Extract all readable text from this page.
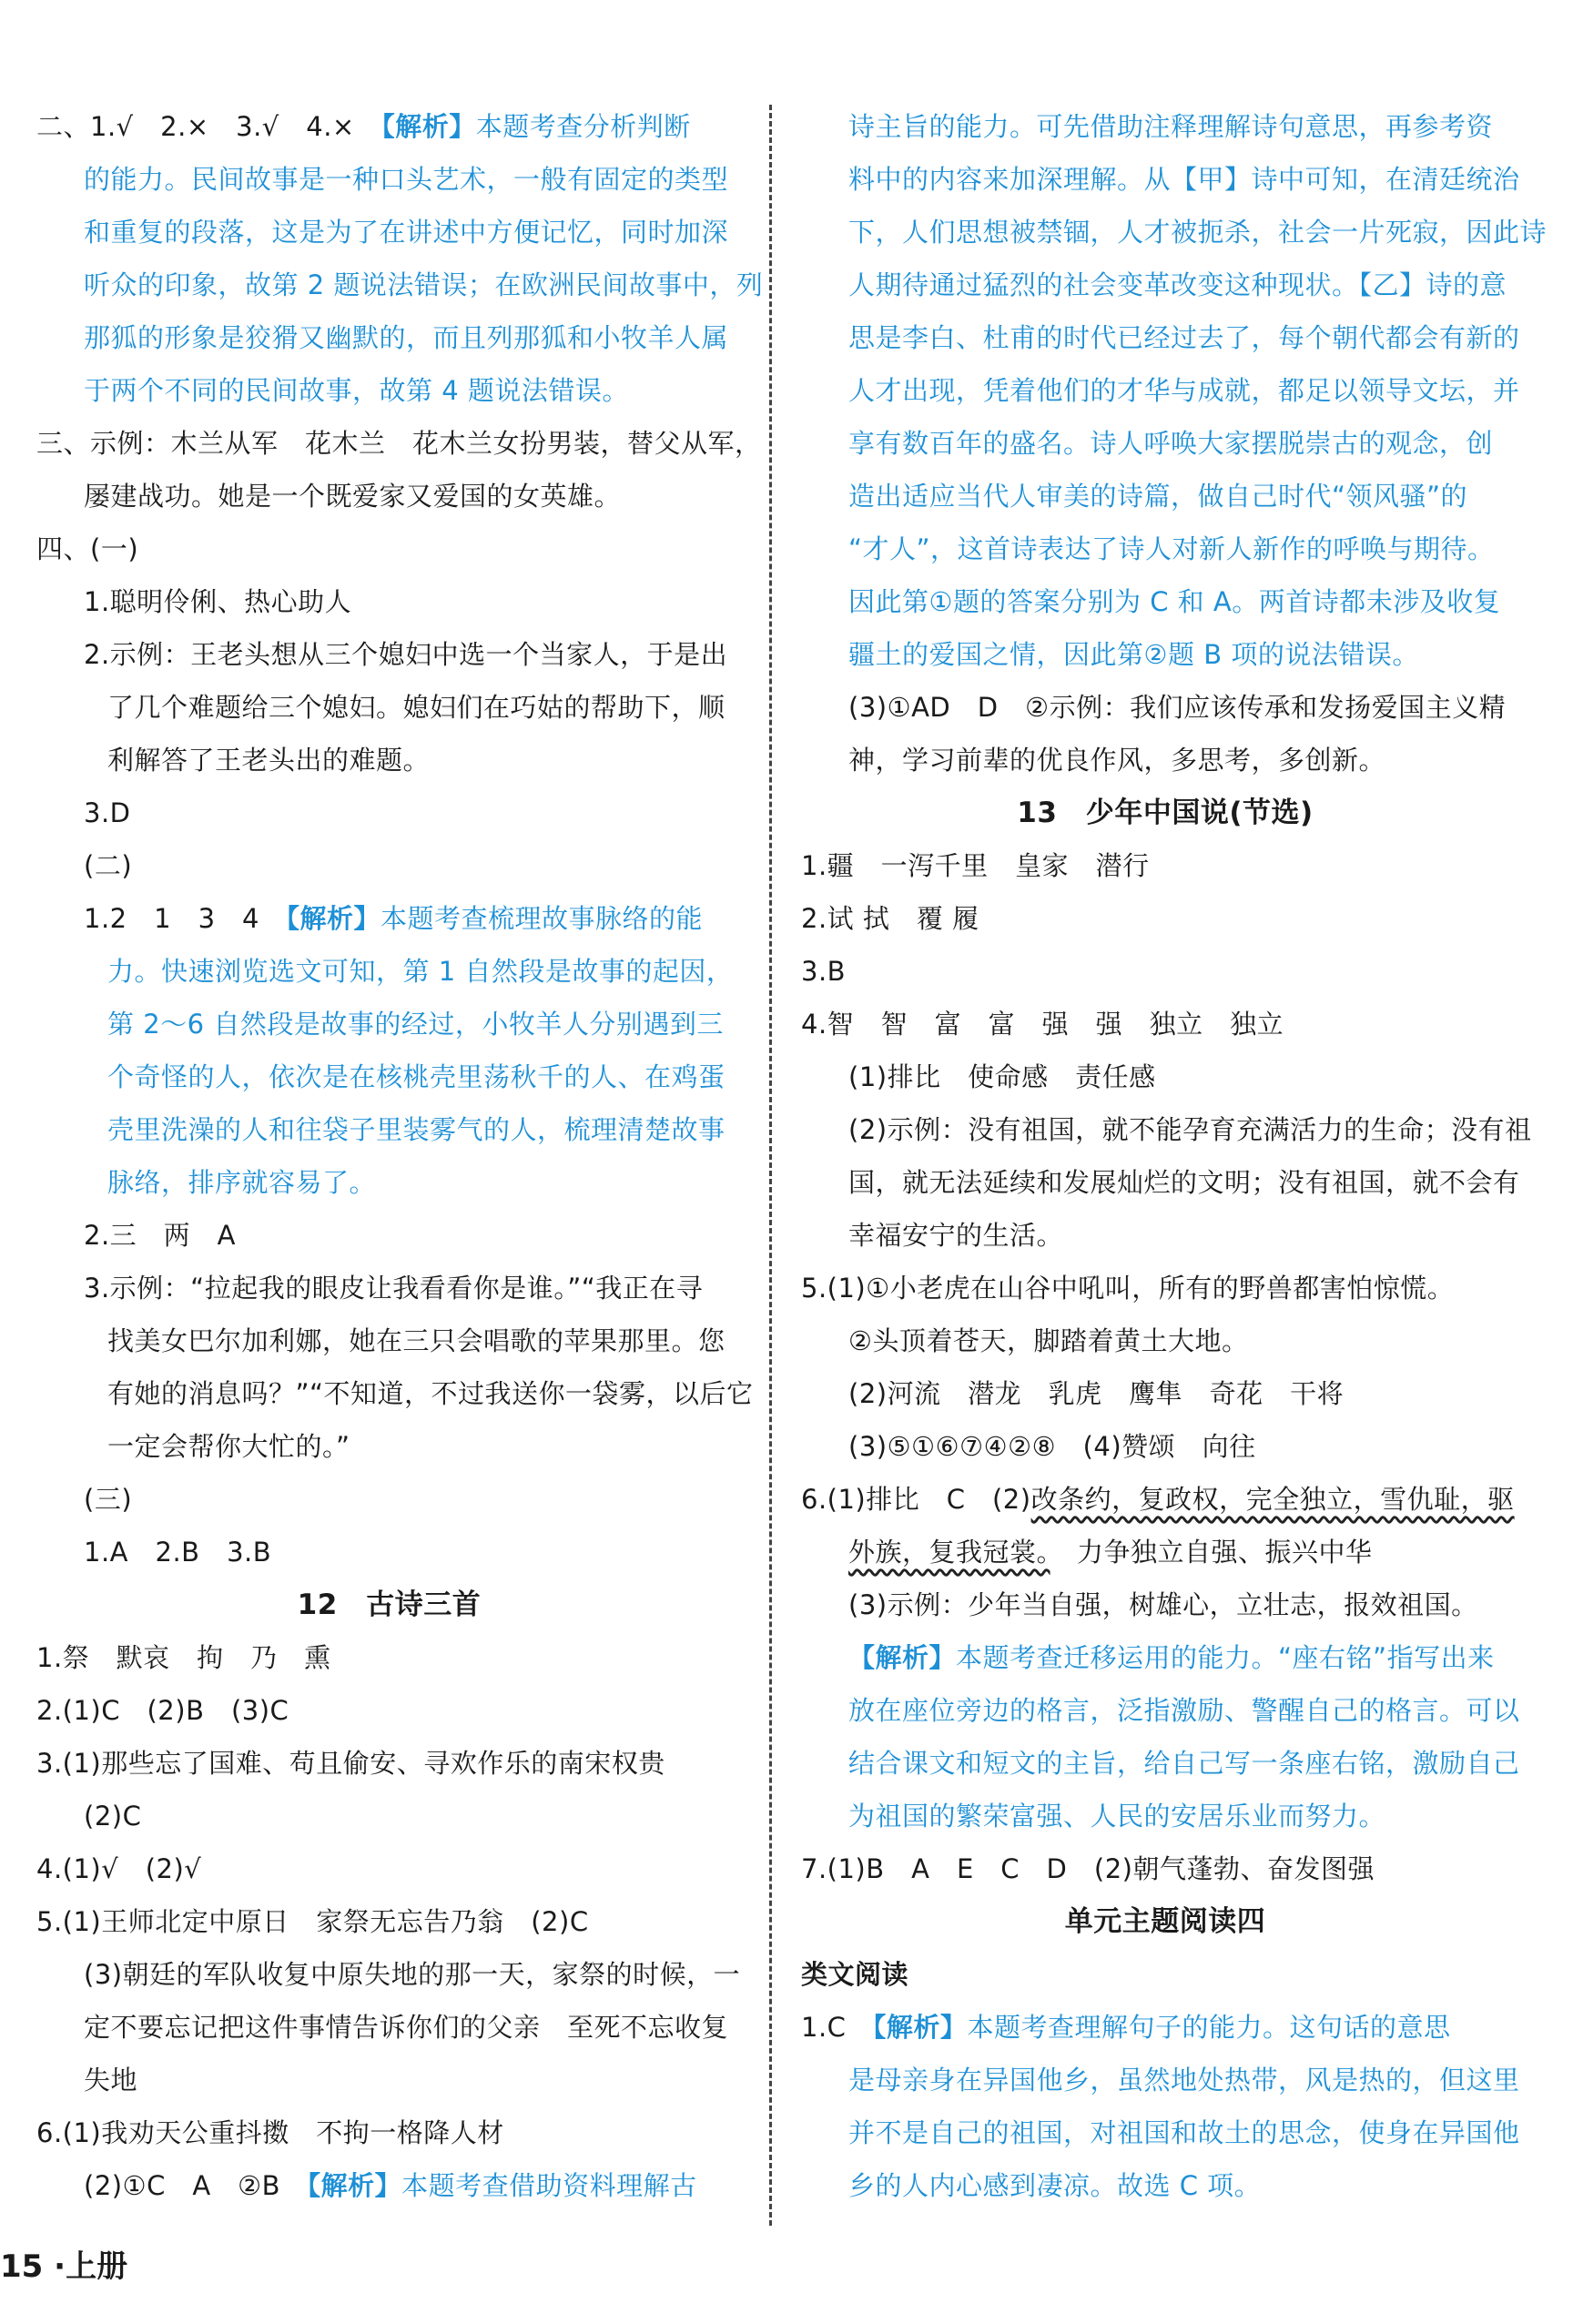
二、1.√　2.×　3.√　4.×　【解析】本题考查分析判断
的能力。民间故事是一种口头艺术，一般有固定的类型
和重复的段落，这是为了在讲述中方便记忆，同时加深
听众的印象，故第 2 题说法错误；在欧洲民间故事中，列
那狐的形象是狡猾又幽默的，而且列那狐和小牧羊人属
于两个不同的民间故事，故第 4 题说法错误。
三、示例：木兰从军　花木兰　花木兰女扮男装，替父从军，
屡建战功。她是一个既爱家又爱国的女英雄。
四、(一)
1.聪明伶俐、热心助人
2.示例：王老头想从三个媳妇中选一个当家人，于是出
了几个难题给三个媳妇。媳妇们在巧姑的帮助下，顺
利解答了王老头出的难题。
3.D
(二)
1.2　1　3　4　【解析】本题考查梳理故事脉络的能
力。快速浏览选文可知，第 1 自然段是故事的起因，
第 2～6 自然段是故事的经过，小牧羊人分别遇到三
个奇怪的人，依次是在核桃壳里荡秋千的人、在鸡蛋
壳里洗澡的人和往袋子里装雾气的人，梳理清楚故事
脉络，排序就容易了。
2.三　两　A
3.示例：“拉起我的眼皮让我看看你是谁。”“我正在寻
找美女巴尔加利娜，她在三只会唱歌的苹果那里。您
有她的消息吗？”“不知道，不过我送你一袋雾，以后它
一定会帮你大忙的。”
(三)
1.A　2.B　3.B
12　古诗三首
1.祭　默哀　拘　乃　熏
2.(1)C　(2)B　(3)C
3.(1)那些忘了国难、苟且偷安、寻欢作乐的南宋权贵
(2)C
4.(1)√　(2)√
5.(1)王师北定中原日　家祭无忘告乃翁　(2)C
(3)朝廷的军队收复中原失地的那一天，家祭的时候，一
定不要忘记把这件事情告诉你们的父亲　至死不忘收复
失地
6.(1)我劝天公重抖擞　不拘一格降人材
(2)①C　A　②B　【解析】本题考查借助资料理解古
诗主旨的能力。可先借助注释理解诗句意思，再参考资
料中的内容来加深理解。从【甲】诗中可知，在清廷统治
下，人们思想被禁锢，人才被扼杀，社会一片死寂，因此诗
人期待通过猛烈的社会变革改变这种现状。【乙】诗的意
思是李白、杜甫的时代已经过去了，每个朝代都会有新的
人才出现，凭着他们的才华与成就，都足以领导文坛，并
享有数百年的盛名。诗人呼唤大家摆脱崇古的观念，创
造出适应当代人审美的诗篇，做自己时代“领风骚”的
“才人”，这首诗表达了诗人对新人新作的呼唤与期待。
因此第①题的答案分别为 C 和 A。两首诗都未涉及收复
疆土的爱国之情，因此第②题 B 项的说法错误。
(3)①AD　D　②示例：我们应该传承和发扬爱国主义精
神，学习前辈的优良作风，多思考，多创新。
13　少年中国说(节选)
1.疆　一泻千里　皇家　潜行
2.试 拭　覆 履
3.B
4.智　智　富　富　强　强　独立　独立
(1)排比　使命感　责任感
(2)示例：没有祖国，就不能孕育充满活力的生命；没有祖
国，就无法延续和发展灿烂的文明；没有祖国，就不会有
幸福安宁的生活。
5.(1)①小老虎在山谷中吼叫，所有的野兽都害怕惊慌。
②头顶着苍天，脚踏着黄土大地。
(2)河流　潜龙　乳虎　鹰隼　奇花　干将
(3)⑤①⑥⑦④②⑧　(4)赞颂　向往
6.(1)排比　C　(2)改条约，复政权，完全独立，雪仇耻，驱
外族，复我冠裳。　力争独立自强、振兴中华
(3)示例：少年当自强，树雄心，立壮志，报效祖国。
【解析】本题考查迁移运用的能力。“座右铭”指写出来
放在座位旁边的格言，泛指激励、警醒自己的格言。可以
结合课文和短文的主旨，给自己写一条座右铭，激励自己
为祖国的繁荣富强、人民的安居乐业而努力。
7.(1)B　A　E　C　D　(2)朝气蓬勃、奋发图强
单元主题阅读四
类文阅读
1.C　【解析】本题考查理解句子的能力。这句话的意思
是母亲身在异国他乡，虽然地处热带，风是热的，但这里
并不是自己的祖国，对祖国和故土的思念，使身在异国他
乡的人内心感到凄凉。故选 C 项。
15 ·上册
